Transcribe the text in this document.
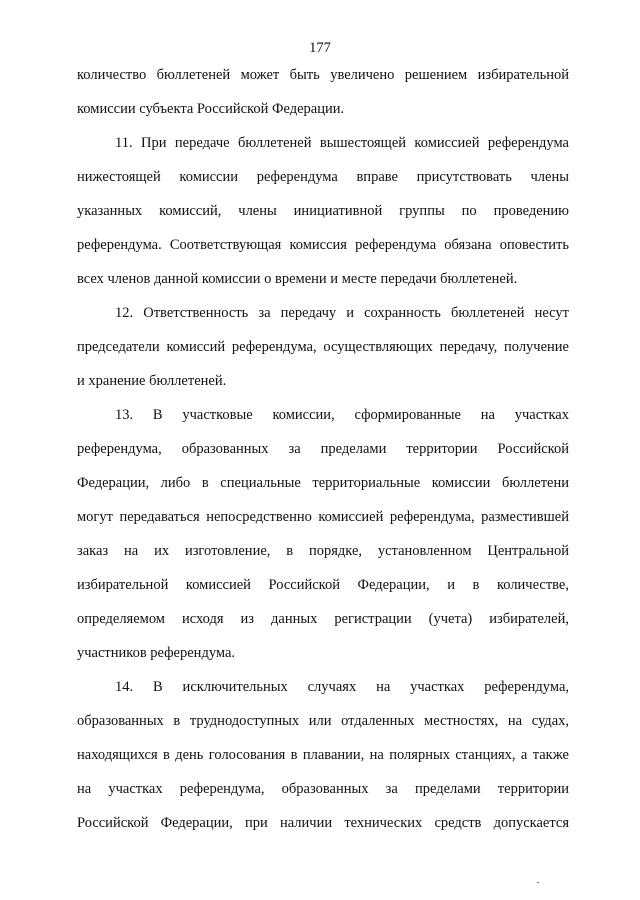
177
количество бюллетеней может быть увеличено решением избирательной
комиссии субъекта Российской Федерации.
11. При передаче бюллетеней вышестоящей комиссией референдума
нижестоящей комиссии референдума вправе присутствовать члены
указанных комиссий, члены инициативной группы по проведению
референдума. Соответствующая комиссия референдума обязана оповестить
всех членов данной комиссии о времени и месте передачи бюллетеней.
12. Ответственность за передачу и сохранность бюллетеней несут
председатели комиссий референдума, осуществляющих передачу, получение
и хранение бюллетеней.
13. В участковые комиссии, сформированные на участках
референдума, образованных за пределами территории Российской
Федерации, либо в специальные территориальные комиссии бюллетени
могут передаваться непосредственно комиссией референдума, разместившей
заказ на их изготовление, в порядке, установленном Центральной
избирательной комиссией Российской Федерации, и в количестве,
определяемом исходя из данных регистрации (учета) избирателей,
участников референдума.
14. В исключительных случаях на участках референдума,
образованных в труднодоступных или отдаленных местностях, на судах,
находящихся в день голосования в плавании, на полярных станциях, а также
на участках референдума, образованных за пределами территории
Российской Федерации, при наличии технических средств допускается
